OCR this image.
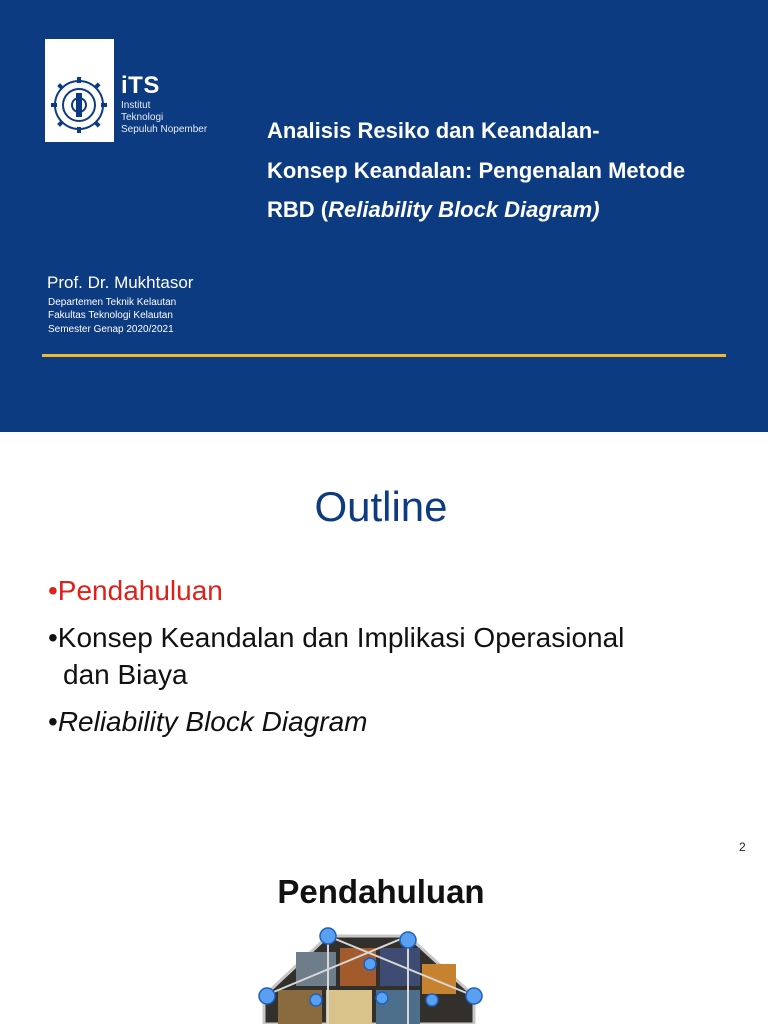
iTS
Institut
Teknologi
Sepuluh Nopember	Analisis Resiko dan Keandalan-
Konsep Keandalan: Pengenalan Metode
RBD (Reliability Block Diagram)
Prof. Dr. Mukhtasor
Departemen Teknik Kelautan
Fakultas Teknologi Kelautan
Semester Genap 2020/2021
Outline
•Pendahuluan
•Konsep Keandalan dan Implikasi Operasional
dan Biaya
•Reliability Block Diagram
2
Pendahuluan
